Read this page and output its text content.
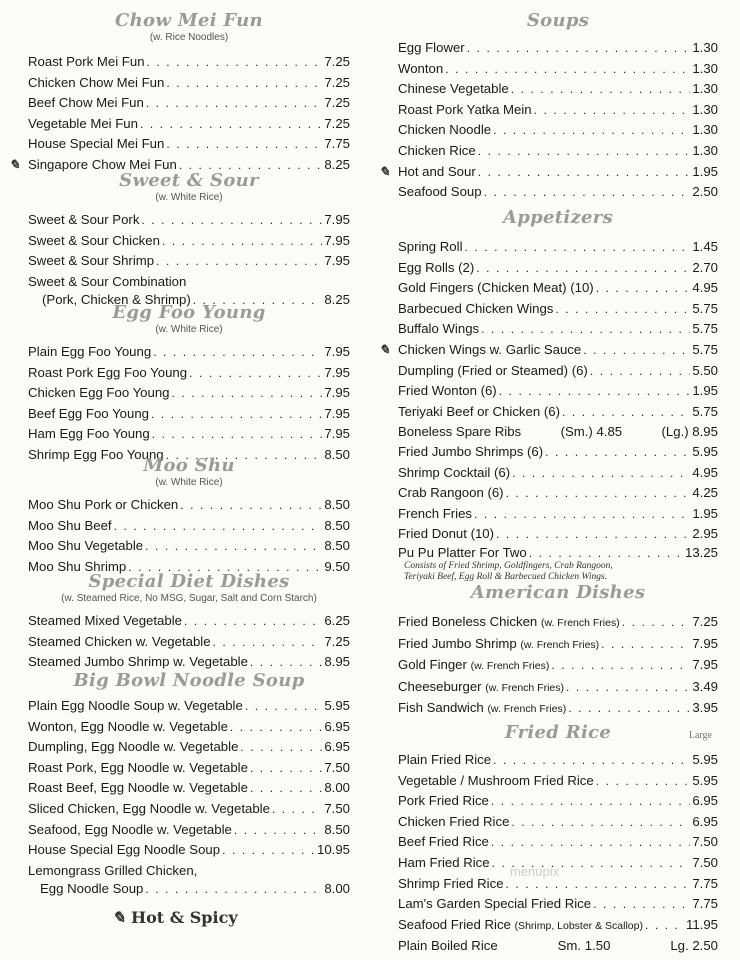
Chow Mei Fun
(w. Rice Noodles)
Roast Pork Mei Fun . . .	7.25
Chicken Chow Mei Fun . . .	7.25
Beef Chow Mei Fun . . .	7.25
Vegetable Mei Fun . . .	7.25
House Special Mei Fun . . .	7.75
✎ Singapore Chow Mei Fun . . .	8.25
Sweet & Sour
(w. White Rice)
Sweet & Sour Pork . . .	7.95
Sweet & Sour Chicken . . .	7.95
Sweet & Sour Shrimp . . .	7.95
Sweet & Sour Combination
(Pork, Chicken & Shrimp) . . .	8.25
Egg Foo Young
(w. White Rice)
Plain Egg Foo Young . . .	7.95
Roast Pork Egg Foo Young . . .	7.95
Chicken Egg Foo Young . . .	7.95
Beef Egg Foo Young . . .	7.95
Ham Egg Foo Young . . .	7.95
Shrimp Egg Foo Young . . .	8.50
Moo Shu
(w. White Rice)
Moo Shu Pork or Chicken . . .	8.50
Moo Shu Beef . . .	8.50
Moo Shu Vegetable . . .	8.50
Moo Shu Shrimp . . .	9.50
Special Diet Dishes
(w. Steamed Rice, No MSG, Sugar, Salt and Corn Starch)
Steamed Mixed Vegetable . . .	6.25
Steamed Chicken w. Vegetable . . .	7.25
Steamed Jumbo Shrimp w. Vegetable . . .	8.95
Big Bowl Noodle Soup
Plain Egg Noodle Soup w. Vegetable . . .	5.95
Wonton, Egg Noodle w. Vegetable . . .	6.95
Dumpling, Egg Noodle w. Vegetable . . .	6.95
Roast Pork, Egg Noodle w. Vegetable . . .	7.50
Roast Beef, Egg Noodle w. Vegetable . . .	8.00
Sliced Chicken, Egg Noodle w. Vegetable . . .	7.50
Seafood, Egg Noodle w. Vegetable . . .	8.50
House Special Egg Noodle Soup . . .	10.95
Lemongrass Grilled Chicken,
Egg Noodle Soup . . .	8.00
✎ Hot & Spicy
Soups
Egg Flower . . .	1.30
Wonton . . .	1.30
Chinese Vegetable . . .	1.30
Roast Pork Yatka Mein . . .	1.30
Chicken Noodle . . .	1.30
Chicken Rice . . .	1.30
✎ Hot and Sour . . .	1.95
Seafood Soup . . .	2.50
Appetizers
Spring Roll . . .	1.45
Egg Rolls (2) . . .	2.70
Gold Fingers (Chicken Meat) (10) . . .	4.95
Barbecued Chicken Wings . . .	5.75
Buffalo Wings . . .	5.75
✎ Chicken Wings w. Garlic Sauce . . .	5.75
Dumpling (Fried or Steamed) (6) . . .	5.50
Fried Wonton (6) . . .	1.95
Teriyaki Beef or Chicken (6) . . .	5.75
Boneless Spare Ribs	(Sm.) 4.85	(Lg.) 8.95
Fried Jumbo Shrimps (6) . . .	5.95
Shrimp Cocktail (6) . . .	4.95
Crab Rangoon (6) . . .	4.25
French Fries . . .	1.95
Fried Donut (10) . . .	2.95
Pu Pu Platter For Two . . .	13.25
Consists of Fried Shrimp, Goldfingers, Crab Rangoon,
Teriyaki Beef, Egg Roll & Barbecued Chicken Wings.
American Dishes
Fried Boneless Chicken
(w. French Fries) . . .	7.25
Fried Jumbo Shrimp
(w. French Fries) . . .	7.95
Gold Finger
(w. French Fries) . . .	7.95
Cheeseburger
(w. French Fries) . . .	3.49
Fish Sandwich
(w. French Fries) . . .	3.95
Fried Rice	Large
Plain Fried Rice . . .	5.95
Vegetable / Mushroom Fried Rice . . .	5.95
Pork Fried Rice . . .	6.95
Chicken Fried Rice . . .	6.95
Beef Fried Rice . . .	7.50
Ham Fried Rice . . .	7.50
Shrimp Fried Rice . . .	7.75
Lam's Garden Special Fried Rice . . .	7.75
Seafood Fried Rice
(Shrimp, Lobster & Scallop) . . .	11.95
Plain Boiled Rice	Sm. 1.50	Lg. 2.50
menupix
